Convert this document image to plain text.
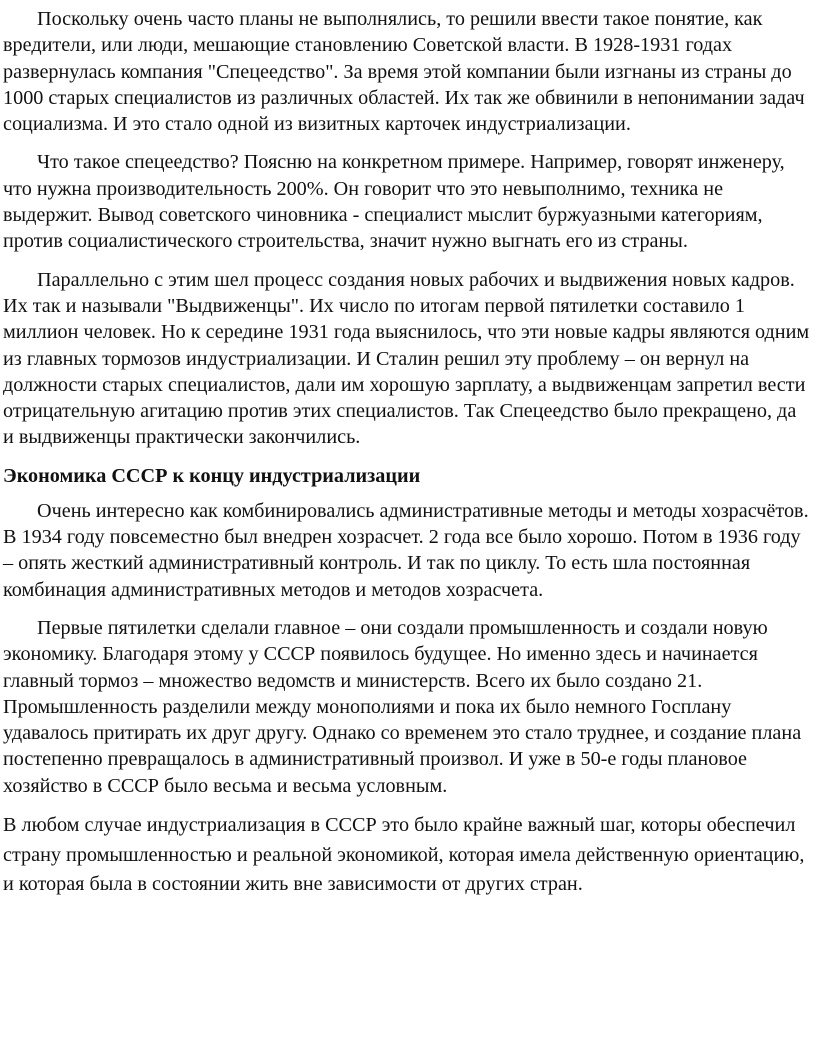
Поскольку очень часто планы не выполнялись, то решили ввести такое понятие, как вредители, или люди, мешающие становлению Советской власти. В 1928-1931 годах развернулась компания "Спецеедство". За время этой компании были изгнаны из страны до 1000 старых специалистов из различных областей. Их так же обвинили в непонимании задач социализма. И это стало одной из визитных карточек индустриализации.

Что такое спецеедство? Поясню на конкретном примере. Например, говорят инженеру, что нужна производительность 200%. Он говорит что это невыполнимо, техника не выдержит. Вывод советского чиновника - специалист мыслит буржуазными категориям, против социалистического строительства, значит нужно выгнать его из страны.

Параллельно с этим шел процесс создания новых рабочих и выдвижения новых кадров. Их так и называли "Выдвиженцы". Их число по итогам первой пятилетки составило 1 миллион человек. Но к середине 1931 года выяснилось, что эти новые кадры являются одним из главных тормозов индустриализации. И Сталин решил эту проблему – он вернул на должности старых специалистов, дали им хорошую зарплату, а выдвиженцам запретил вести отрицательную агитацию против этих специалистов. Так Спецеедство было прекращено, да и выдвиженцы практически закончились.

Экономика СССР к концу индустриализации

Очень интересно как комбинировались административные методы и методы хозрасчётов. В 1934 году повсеместно был внедрен хозрасчет. 2 года все было хорошо. Потом в 1936 году – опять жесткий административный контроль. И так по циклу. То есть шла постоянная комбинация административных методов и методов хозрасчета.

Первые пятилетки сделали главное – они создали промышленность и создали новую экономику. Благодаря этому у СССР появилось будущее. Но именно здесь и начинается главный тормоз – множество ведомств и министерств. Всего их было создано 21. Промышленность разделили между монополиями и пока их было немного Госплану удавалось притирать их друг другу. Однако со временем это стало труднее, и создание плана постепенно превращалось в административный произвол. И уже в 50-е годы плановое хозяйство в СССР было весьма и весьма условным.

В любом случае индустриализация в СССР это было крайне важный шаг, которы обеспечил страну промышленностью и реальной экономикой, которая имела действенную ориентацию, и которая была в состоянии жить вне зависимости от других стран.
